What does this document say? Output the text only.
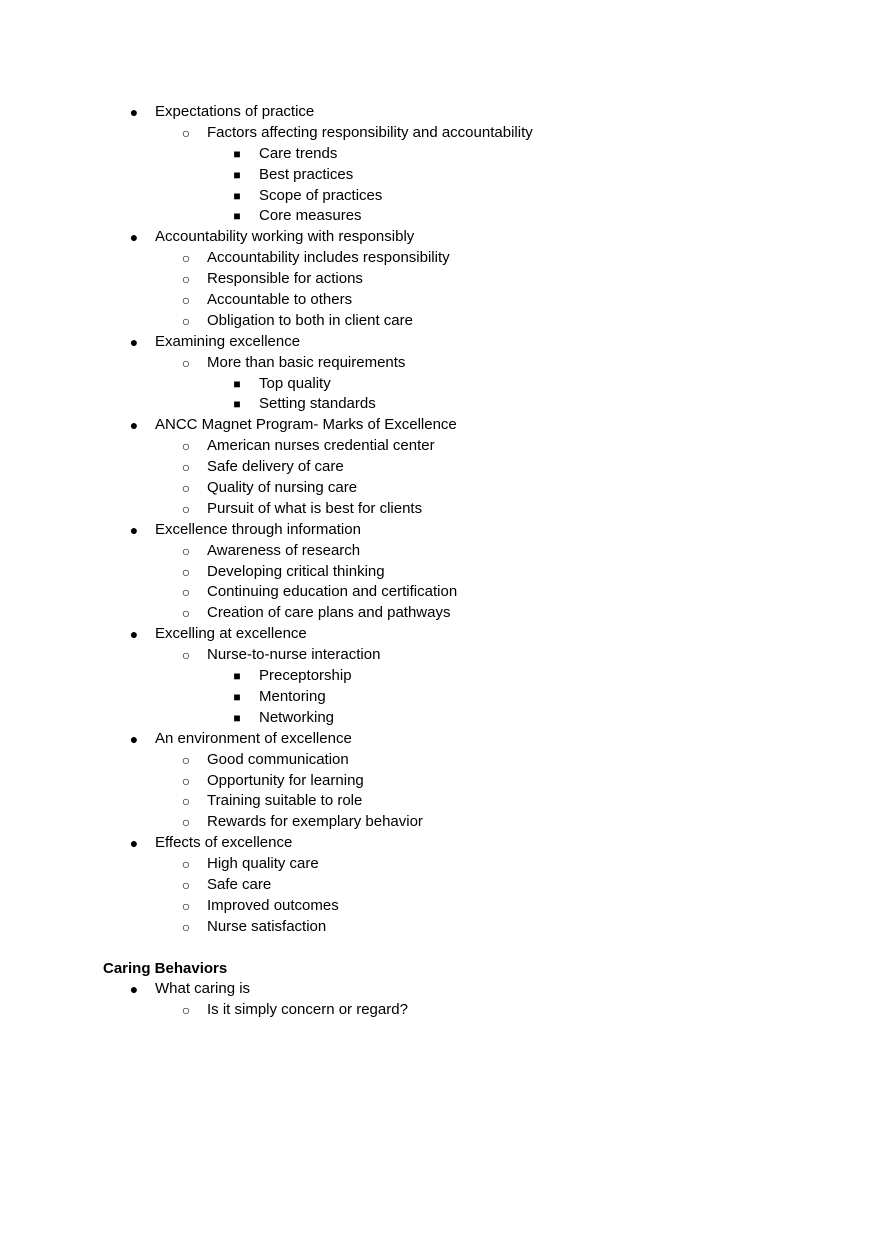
●	Expectations of practice
○	Factors affecting responsibility and accountability
■	Care trends
■	Best practices
■	Scope of practices
■	Core measures
●	Accountability working with responsibly
○	Accountability includes responsibility
○	Responsible for actions
○	Accountable to others
○	Obligation to both in client care
●	Examining excellence
○	More than basic requirements
■	Top quality
■	Setting standards
●	ANCC Magnet Program- Marks of Excellence
○	American nurses credential center
○	Safe delivery of care
○	Quality of nursing care
○	Pursuit of what is best for clients
●	Excellence through information
○	Awareness of research
○	Developing critical thinking
○	Continuing education and certification
○	Creation of care plans and pathways
●	Excelling at excellence
○	Nurse-to-nurse interaction
■	Preceptorship
■	Mentoring
■	Networking
●	An environment of excellence
○	Good communication
○	Opportunity for learning
○	Training suitable to role
○	Rewards for exemplary behavior
●	Effects of excellence
○	High quality care
○	Safe care
○	Improved outcomes
○	Nurse satisfaction
Caring Behaviors
●	What caring is
○	Is it simply concern or regard?
